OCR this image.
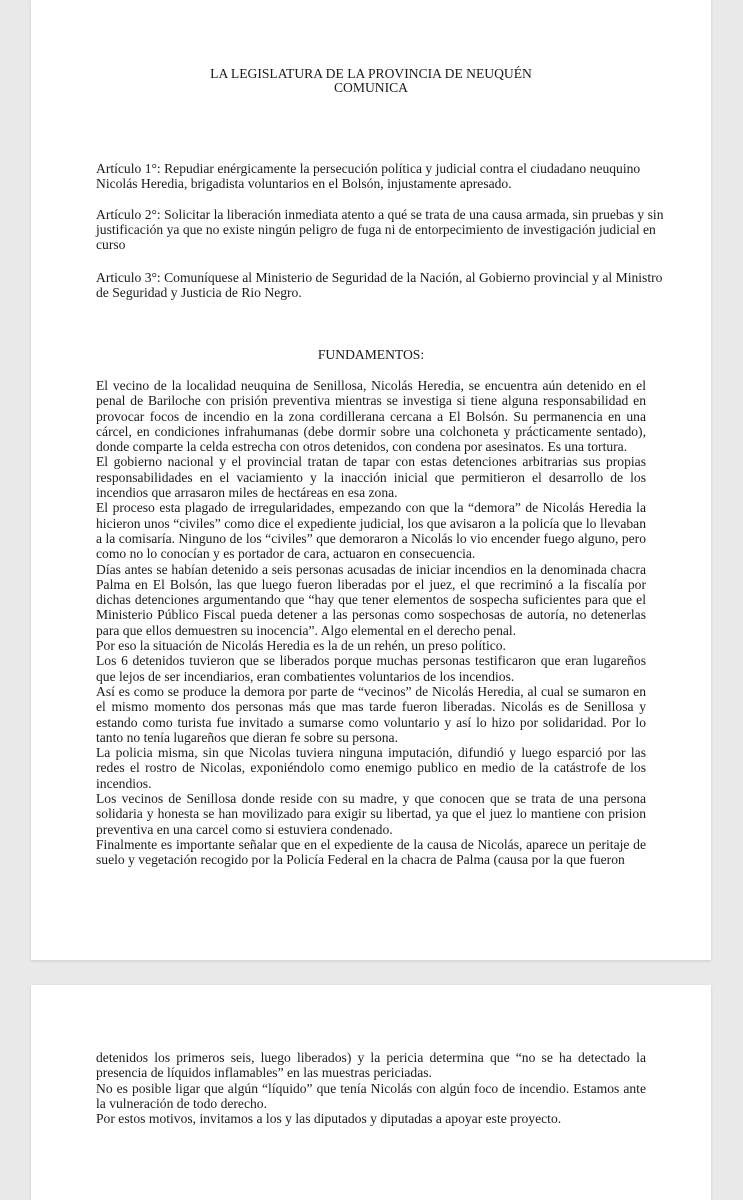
LA LEGISLATURA DE LA PROVINCIA DE NEUQUÉN
COMUNICA
Artículo 1°: Repudiar enérgicamente la persecución política y judicial contra el ciudadano neuquino Nicolás Heredia, brigadista voluntarios en el Bolsón, injustamente apresado.
Artículo 2°: Solicitar la liberación inmediata atento a qué se trata de una causa armada, sin pruebas y sin justificación ya que no existe ningún peligro de fuga ni de entorpecimiento de investigación judicial en curso
Articulo 3°: Comuníquese al Ministerio de Seguridad de la Nación, al Gobierno provincial y al Ministro de Seguridad y Justicia de Rio Negro.
FUNDAMENTOS:

El vecino de la localidad neuquina de Senillosa, Nicolás Heredia, se encuentra aún detenido en el penal de Bariloche con prisión preventiva mientras se investiga si tiene alguna responsabilidad en provocar focos de incendio en la zona cordillerana cercana a El Bolsón. Su permanencia en una cárcel, en condiciones infrahumanas (debe dormir sobre una colchoneta y prácticamente sentado), donde comparte la celda estrecha con otros detenidos, con condena por asesinatos. Es una tortura.

El gobierno nacional y el provincial tratan de tapar con estas detenciones arbitrarias sus propias responsabilidades en el vaciamiento y la inacción inicial que permitieron el desarrollo de los incendios que arrasaron miles de hectáreas en esa zona.

El proceso esta plagado de irregularidades, empezando con que la “demora” de Nicolás Heredia la hicieron unos “civiles” como dice el expediente judicial, los que avisaron a la policía que lo llevaban a la comisaría. Ninguno de los “civiles” que demoraron a Nicolás lo vio encender fuego alguno, pero como no lo conocían y es portador de cara, actuaron en consecuencia.

Días antes se habían detenido a seis personas acusadas de iniciar incendios en la denominada chacra Palma en El Bolsón, las que luego fueron liberadas por el juez, el que recriminó a la fiscalía por dichas detenciones argumentando que “hay que tener elementos de sospecha suficientes para que el Ministerio Público Fiscal pueda detener a las personas como sospechosas de autoría, no detenerlas para que ellos demuestren su inocencia”. Algo elemental en el derecho penal.

Por eso la situación de Nicolás Heredia es la de un rehén, un preso político.

Los 6 detenidos tuvieron que se liberados porque muchas personas testificaron que eran lugareños que lejos de ser incendiarios, eran combatientes voluntarios de los incendios.

Así es como se produce la demora por parte de “vecinos” de Nicolás Heredia, al cual se sumaron en el mismo momento dos personas más que mas tarde fueron liberadas. Nicolás es de Senillosa y estando como turista fue invitado a sumarse como voluntario y así lo hizo por solidaridad. Por lo tanto no tenía lugareños que dieran fe sobre su persona.

La policia misma, sin que Nicolas tuviera ninguna imputación, difundió y luego esparció por las redes el rostro de Nicolas, exponiéndolo como enemigo publico en medio de la catástrofe de los incendios.

Los vecinos de Senillosa donde reside con su madre, y que conocen que se trata de una persona solidaria y honesta se han movilizado para exigir su libertad, ya que el juez lo mantiene con prision preventiva en una carcel como si estuviera condenado.

Finalmente es importante señalar que en el expediente de la causa de Nicolás, aparece un peritaje de suelo y vegetación recogido por la Policía Federal en la chacra de Palma (causa por la que fueron

detenidos los primeros seis, luego liberados) y la pericia determina que “no se ha detectado la presencia de líquidos inflamables” en las muestras periciadas.

No es posible ligar que algún “líquido” que tenía Nicolás con algún foco de incendio. Estamos ante la vulneración de todo derecho.

Por estos motivos, invitamos a los y las diputados y diputadas a apoyar este proyecto.
